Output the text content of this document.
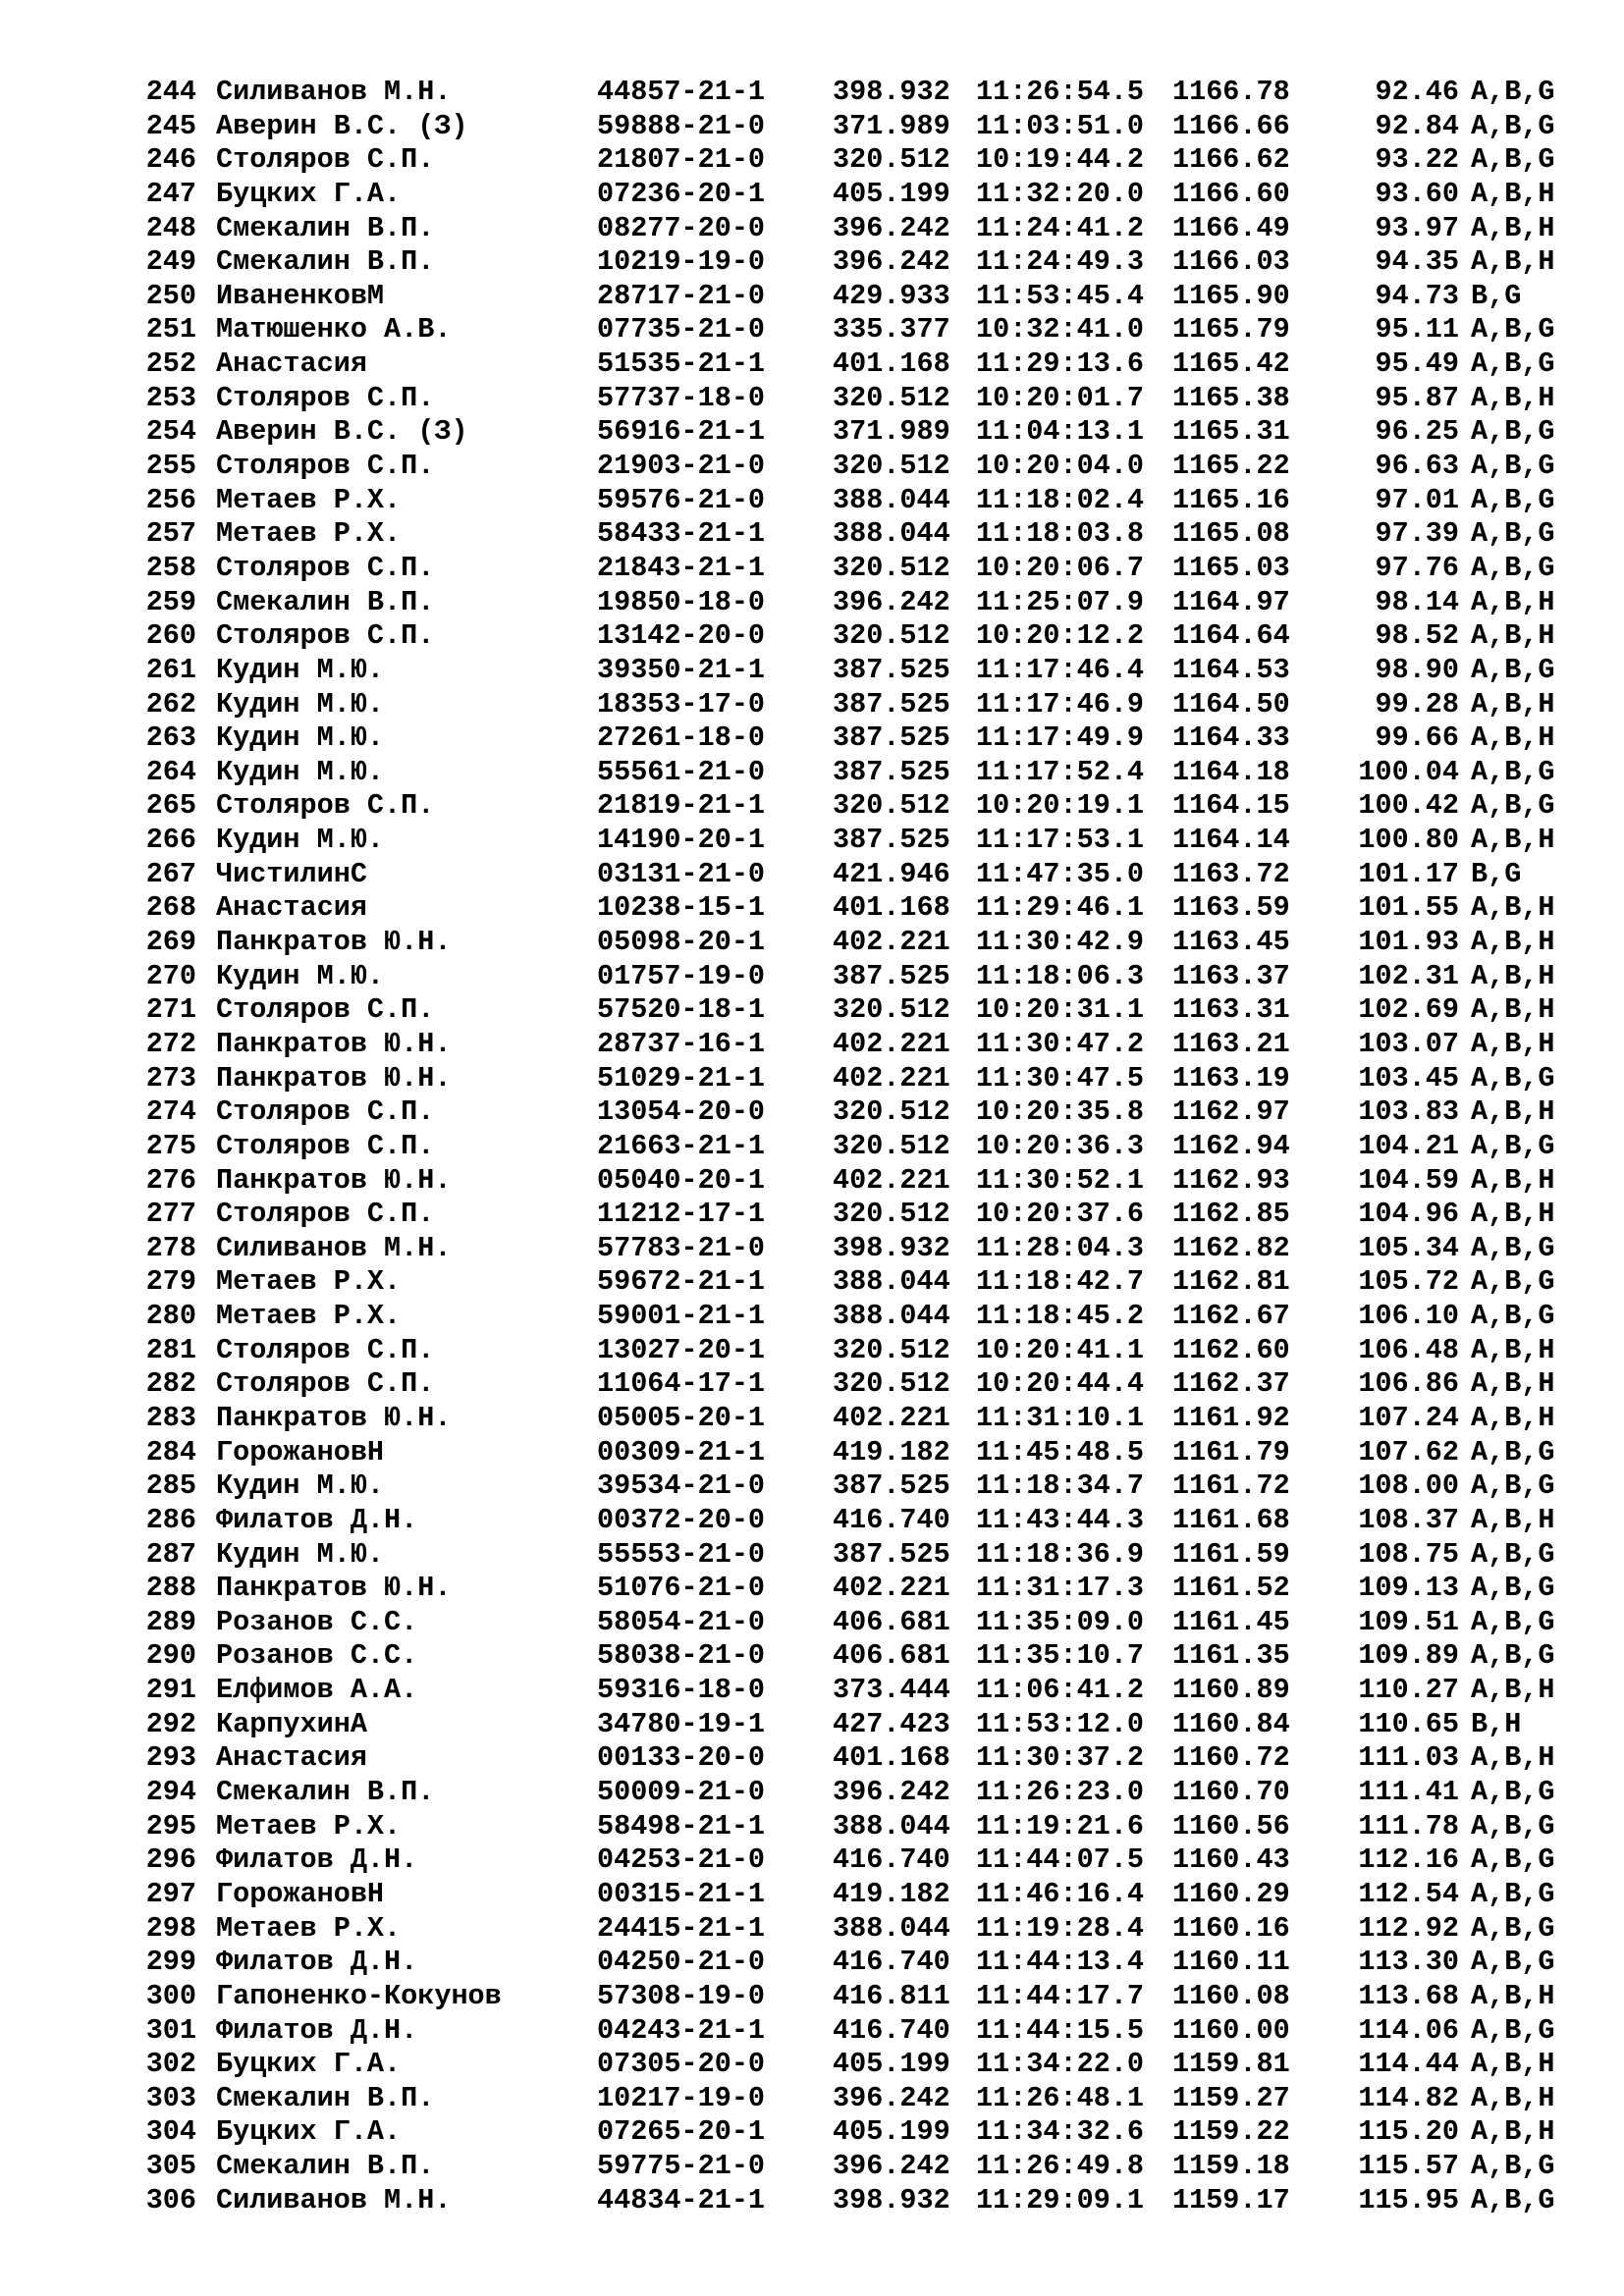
244 Силиванов М.Н.	44857-21-1 398.932 11:26:54.5 1166.78	92.46 A,B,G
245 Аверин В.С. (З)	59888-21-0 371.989 11:03:51.0 1166.66	92.84 A,B,G
246 Столяров С.П.	21807-21-0 320.512 10:19:44.2 1166.62	93.22 A,B,G
247 Буцких Г.А.	07236-20-1 405.199 11:32:20.0 1166.60	93.60 A,B,H
248 Смекалин В.П.	08277-20-0 396.242 11:24:41.2 1166.49	93.97 A,B,H
249 Смекалин В.П.	10219-19-0 396.242 11:24:49.3 1166.03	94.35 A,B,H
250 ИваненковМ	28717-21-0 429.933 11:53:45.4 1165.90	94.73 B,G
251 Матюшенко А.В.	07735-21-0 335.377 10:32:41.0 1165.79	95.11 A,B,G
252 Анастасия	51535-21-1 401.168 11:29:13.6 1165.42	95.49 A,B,G
253 Столяров С.П.	57737-18-0 320.512 10:20:01.7 1165.38	95.87 A,B,H
254 Аверин В.С. (З)	56916-21-1 371.989 11:04:13.1 1165.31	96.25 A,B,G
255 Столяров С.П.	21903-21-0 320.512 10:20:04.0 1165.22	96.63 A,B,G
256 Метаев Р.Х.	59576-21-0 388.044 11:18:02.4 1165.16	97.01 A,B,G
257 Метаев Р.Х.	58433-21-1 388.044 11:18:03.8 1165.08	97.39 A,B,G
258 Столяров С.П.	21843-21-1 320.512 10:20:06.7 1165.03	97.76 A,B,G
259 Смекалин В.П.	19850-18-0 396.242 11:25:07.9 1164.97	98.14 A,B,H
260 Столяров С.П.	13142-20-0 320.512 10:20:12.2 1164.64	98.52 A,B,H
261 Кудин М.Ю.	39350-21-1 387.525 11:17:46.4 1164.53	98.90 A,B,G
262 Кудин М.Ю.	18353-17-0 387.525 11:17:46.9 1164.50	99.28 A,B,H
263 Кудин М.Ю.	27261-18-0 387.525 11:17:49.9 1164.33	99.66 A,B,H
264 Кудин М.Ю.	55561-21-0 387.525 11:17:52.4 1164.18	100.04 A,B,G
265 Столяров С.П.	21819-21-1 320.512 10:20:19.1 1164.15	100.42 A,B,G
266 Кудин М.Ю.	14190-20-1 387.525 11:17:53.1 1164.14	100.80 A,B,H
267 ЧистилинС	03131-21-0 421.946 11:47:35.0 1163.72	101.17 B,G
268 Анастасия	10238-15-1 401.168 11:29:46.1 1163.59	101.55 A,B,H
269 Панкратов Ю.Н.	05098-20-1 402.221 11:30:42.9 1163.45	101.93 A,B,H
270 Кудин М.Ю.	01757-19-0 387.525 11:18:06.3 1163.37	102.31 A,B,H
271 Столяров С.П.	57520-18-1 320.512 10:20:31.1 1163.31	102.69 A,B,H
272 Панкратов Ю.Н.	28737-16-1 402.221 11:30:47.2 1163.21	103.07 A,B,H
273 Панкратов Ю.Н.	51029-21-1 402.221 11:30:47.5 1163.19	103.45 A,B,G
274 Столяров С.П.	13054-20-0 320.512 10:20:35.8 1162.97	103.83 A,B,H
275 Столяров С.П.	21663-21-1 320.512 10:20:36.3 1162.94	104.21 A,B,G
276 Панкратов Ю.Н.	05040-20-1 402.221 11:30:52.1 1162.93	104.59 A,B,H
277 Столяров С.П.	11212-17-1 320.512 10:20:37.6 1162.85	104.96 A,B,H
278 Силиванов М.Н.	57783-21-0 398.932 11:28:04.3 1162.82	105.34 A,B,G
279 Метаев Р.Х.	59672-21-1 388.044 11:18:42.7 1162.81	105.72 A,B,G
280 Метаев Р.Х.	59001-21-1 388.044 11:18:45.2 1162.67	106.10 A,B,G
281 Столяров С.П.	13027-20-1 320.512 10:20:41.1 1162.60	106.48 A,B,H
282 Столяров С.П.	11064-17-1 320.512 10:20:44.4 1162.37	106.86 A,B,H
283 Панкратов Ю.Н.	05005-20-1 402.221 11:31:10.1 1161.92	107.24 A,B,H
284 ГорожановН	00309-21-1 419.182 11:45:48.5 1161.79	107.62 A,B,G
285 Кудин М.Ю.	39534-21-0 387.525 11:18:34.7 1161.72	108.00 A,B,G
286 Филатов Д.Н.	00372-20-0 416.740 11:43:44.3 1161.68	108.37 A,B,H
287 Кудин М.Ю.	55553-21-0 387.525 11:18:36.9 1161.59	108.75 A,B,G
288 Панкратов Ю.Н.	51076-21-0 402.221 11:31:17.3 1161.52	109.13 A,B,G
289 Розанов С.С.	58054-21-0 406.681 11:35:09.0 1161.45	109.51 A,B,G
290 Розанов С.С.	58038-21-0 406.681 11:35:10.7 1161.35	109.89 A,B,G
291 Елфимов А.А.	59316-18-0 373.444 11:06:41.2 1160.89	110.27 A,B,H
292 КарпухинА	34780-19-1 427.423 11:53:12.0 1160.84	110.65 B,H
293 Анастасия	00133-20-0 401.168 11:30:37.2 1160.72	111.03 A,B,H
294 Смекалин В.П.	50009-21-0 396.242 11:26:23.0 1160.70	111.41 A,B,G
295 Метаев Р.Х.	58498-21-1 388.044 11:19:21.6 1160.56	111.78 A,B,G
296 Филатов Д.Н.	04253-21-0 416.740 11:44:07.5 1160.43	112.16 A,B,G
297 ГорожановН	00315-21-1 419.182 11:46:16.4 1160.29	112.54 A,B,G
298 Метаев Р.Х.	24415-21-1 388.044 11:19:28.4 1160.16	112.92 A,B,G
299 Филатов Д.Н.	04250-21-0 416.740 11:44:13.4 1160.11	113.30 A,B,G
300 Гапоненко-Кокунов	57308-19-0 416.811 11:44:17.7 1160.08	113.68 A,B,H
301 Филатов Д.Н.	04243-21-1 416.740 11:44:15.5 1160.00	114.06 A,B,G
302 Буцких Г.А.	07305-20-0 405.199 11:34:22.0 1159.81	114.44 A,B,H
303 Смекалин В.П.	10217-19-0 396.242 11:26:48.1 1159.27	114.82 A,B,H
304 Буцких Г.А.	07265-20-1 405.199 11:34:32.6 1159.22	115.20 A,B,H
305 Смекалин В.П.	59775-21-0 396.242 11:26:49.8 1159.18	115.57 A,B,G
306 Силиванов М.Н.	44834-21-1 398.932 11:29:09.1 1159.17	115.95 A,B,G
